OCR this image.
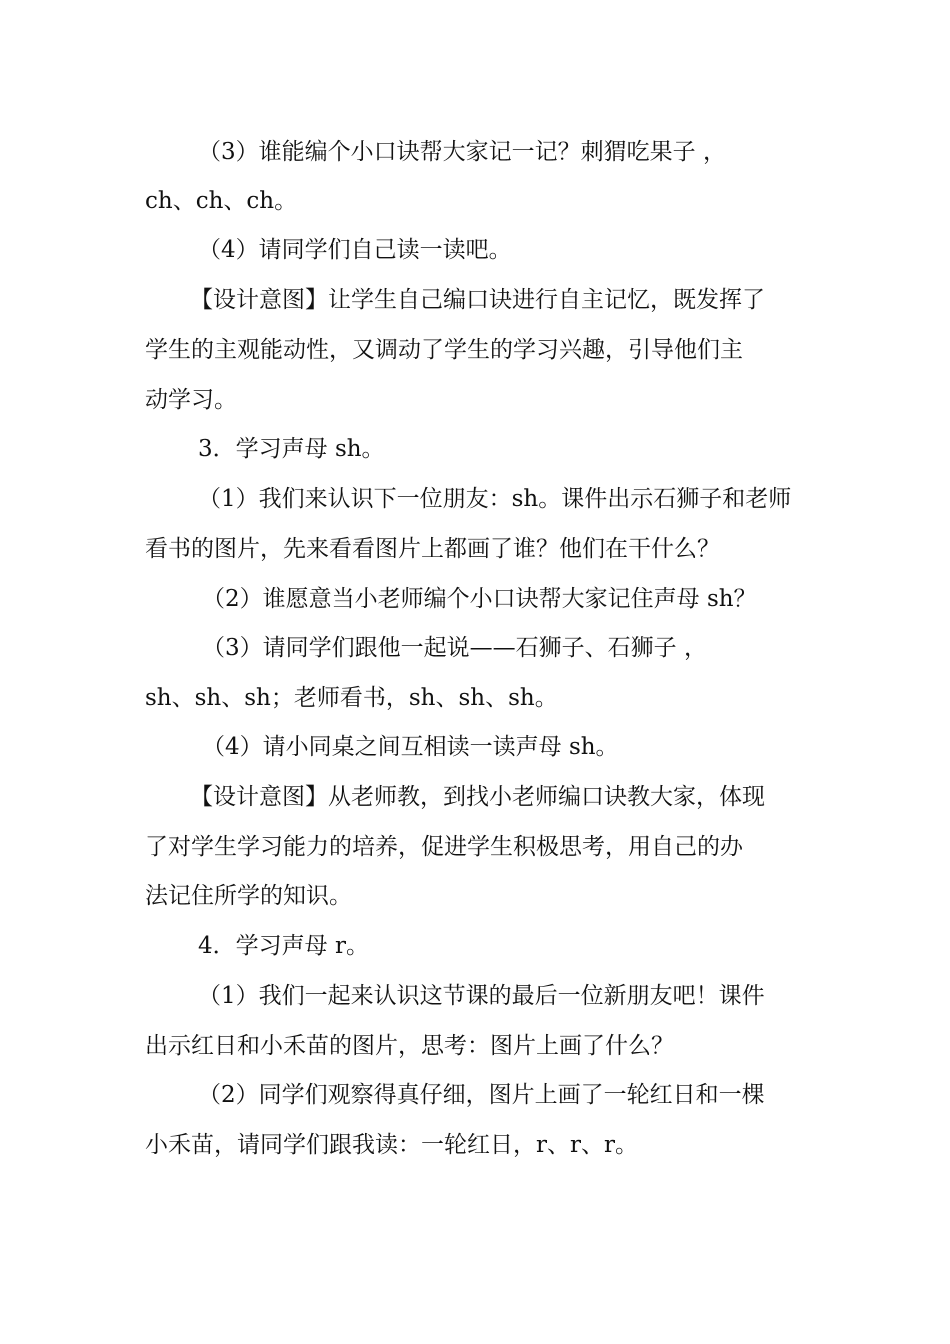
（3）谁能编个小口诀帮大家记一记？刺猬吃果子 ，
ch、ch、ch。
（4）请同学们自己读一读吧。
【设计意图】让学生自己编口诀进行自主记忆，既发挥了
学生的主观能动性，又调动了学生的学习兴趣，引导他们主
动学习。
3．学习声母 sh。
（1）我们来认识下一位朋友：sh。课件出示石狮子和老师
看书的图片，先来看看图片上都画了谁？他们在干什么？
（2）谁愿意当小老师编个小口诀帮大家记住声母 sh？
（3）请同学们跟他一起说——石狮子、石狮子 ，
sh、sh、sh；老师看书，sh、sh、sh。
（4）请小同桌之间互相读一读声母 sh。
【设计意图】从老师教，到找小老师编口诀教大家，体现
了对学生学习能力的培养，促进学生积极思考，用自己的办
法记住所学的知识。
4．学习声母 r。
（1）我们一起来认识这节课的最后一位新朋友吧！课件
出示红日和小禾苗的图片，思考：图片上画了什么？
（2）同学们观察得真仔细，图片上画了一轮红日和一棵
小禾苗，请同学们跟我读：一轮红日，r、r、r。
